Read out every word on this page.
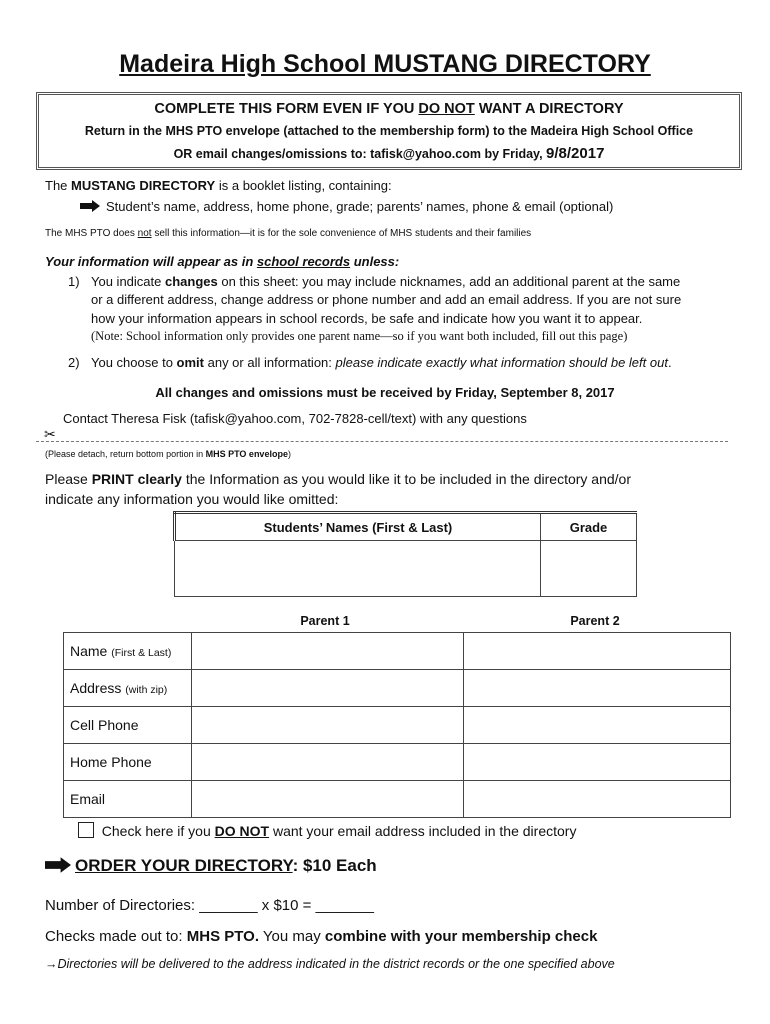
Madeira High School MUSTANG DIRECTORY
COMPLETE THIS FORM EVEN IF YOU DO NOT WANT A DIRECTORY
Return in the MHS PTO envelope (attached to the membership form) to the Madeira High School Office
OR email changes/omissions to: tafisk@yahoo.com by Friday, 9/8/2017
The MUSTANG DIRECTORY is a booklet listing, containing:
Student’s name, address, home phone, grade; parents’ names, phone & email (optional)
The MHS PTO does not sell this information—it is for the sole convenience of MHS students and their families
Your information will appear as in school records unless:
1) You indicate changes on this sheet: you may include nicknames, add an additional parent at the same
or a different address, change address or phone number and add an email address. If you are not sure
how your information appears in school records, be safe and indicate how you want it to appear.
(Note: School information only provides one parent name—so if you want both included, fill out this page)
2) You choose to omit any or all information: please indicate exactly what information should be left out.
All changes and omissions must be received by Friday, September 8, 2017
Contact Theresa Fisk (tafisk@yahoo.com, 702-7828-cell/text) with any questions
✂
(Please detach, return bottom portion in MHS PTO envelope)
Please PRINT clearly the Information as you would like it to be included in the directory and/or
indicate any information you would like omitted:
Students’ Names (First & Last)	Grade

Parent 1	Parent 2
Name (First & Last)		
Address (with zip)		
Cell Phone		
Home Phone		
Email		
Check here if you DO NOT want your email address included in the directory
ORDER YOUR DIRECTORY: $10 Each
Number of Directories: _______ x $10 = _______
Checks made out to: MHS PTO. You may combine with your membership check
→Directories will be delivered to the address indicated in the district records or the one specified above
